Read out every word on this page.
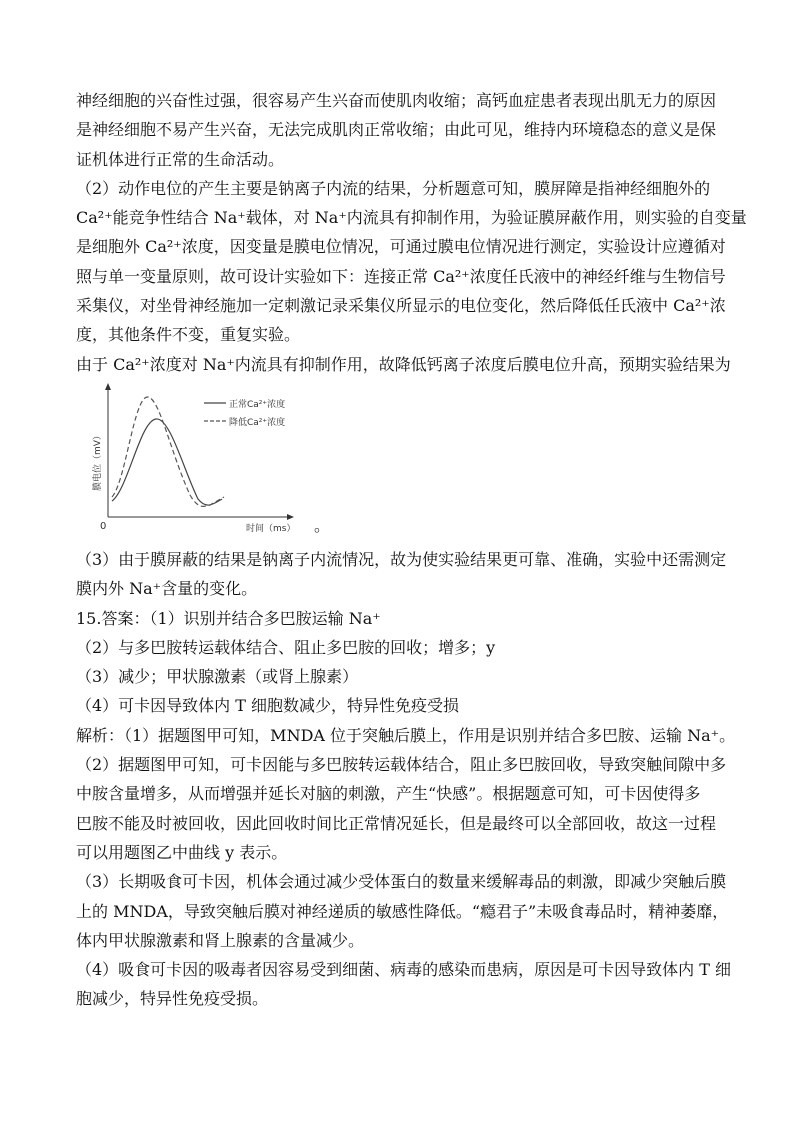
神经细胞的兴奋性过强，很容易产生兴奋而使肌肉收缩；高钙血症患者表现出肌无力的原因
是神经细胞不易产生兴奋，无法完成肌肉正常收缩；由此可见，维持内环境稳态的意义是保
证机体进行正常的生命活动。
（2）动作电位的产生主要是钠离子内流的结果，分析题意可知，膜屏障是指神经细胞外的
Ca²⁺能竞争性结合 Na⁺载体，对 Na⁺内流具有抑制作用，为验证膜屏蔽作用，则实验的自变量
是细胞外 Ca²⁺浓度，因变量是膜电位情况，可通过膜电位情况进行测定，实验设计应遵循对
照与单一变量原则，故可设计实验如下：连接正常 Ca²⁺浓度任氏液中的神经纤维与生物信号
采集仪，对坐骨神经施加一定刺激记录采集仪所显示的电位变化，然后降低任氏液中 Ca²⁺浓
度，其他条件不变，重复实验。
由于 Ca²⁺浓度对 Na⁺内流具有抑制作用，故降低钙离子浓度后膜电位升高，预期实验结果为
正常Ca²⁺浓度
降低Ca²⁺浓度
膜电位（mV）
0	时间（ms） 。
（3）由于膜屏蔽的结果是钠离子内流情况，故为使实验结果更可靠、准确，实验中还需测定
膜内外 Na⁺含量的变化。
15.答案：（1）识别并结合多巴胺运输 Na⁺
（2）与多巴胺转运载体结合、阻止多巴胺的回收；增多；y
（3）减少；甲状腺激素（或肾上腺素）
（4）可卡因导致体内 T 细胞数减少，特异性免疫受损
解析：（1）据题图甲可知，MNDA 位于突触后膜上，作用是识别并结合多巴胺、运输 Na⁺。
（2）据题图甲可知，可卡因能与多巴胺转运载体结合，阻止多巴胺回收，导致突触间隙中多
中胺含量增多，从而增强并延长对脑的刺激，产生“快感”。根据题意可知，可卡因使得多
巴胺不能及时被回收，因此回收时间比正常情况延长，但是最终可以全部回收，故这一过程
可以用题图乙中曲线 y 表示。
（3）长期吸食可卡因，机体会通过减少受体蛋白的数量来缓解毒品的刺激，即减少突触后膜
上的 MNDA，导致突触后膜对神经递质的敏感性降低。“瘾君子”未吸食毒品时，精神萎靡，
体内甲状腺激素和肾上腺素的含量减少。
（4）吸食可卡因的吸毒者因容易受到细菌、病毒的感染而患病，原因是可卡因导致体内 T 细
胞减少，特异性免疫受损。
